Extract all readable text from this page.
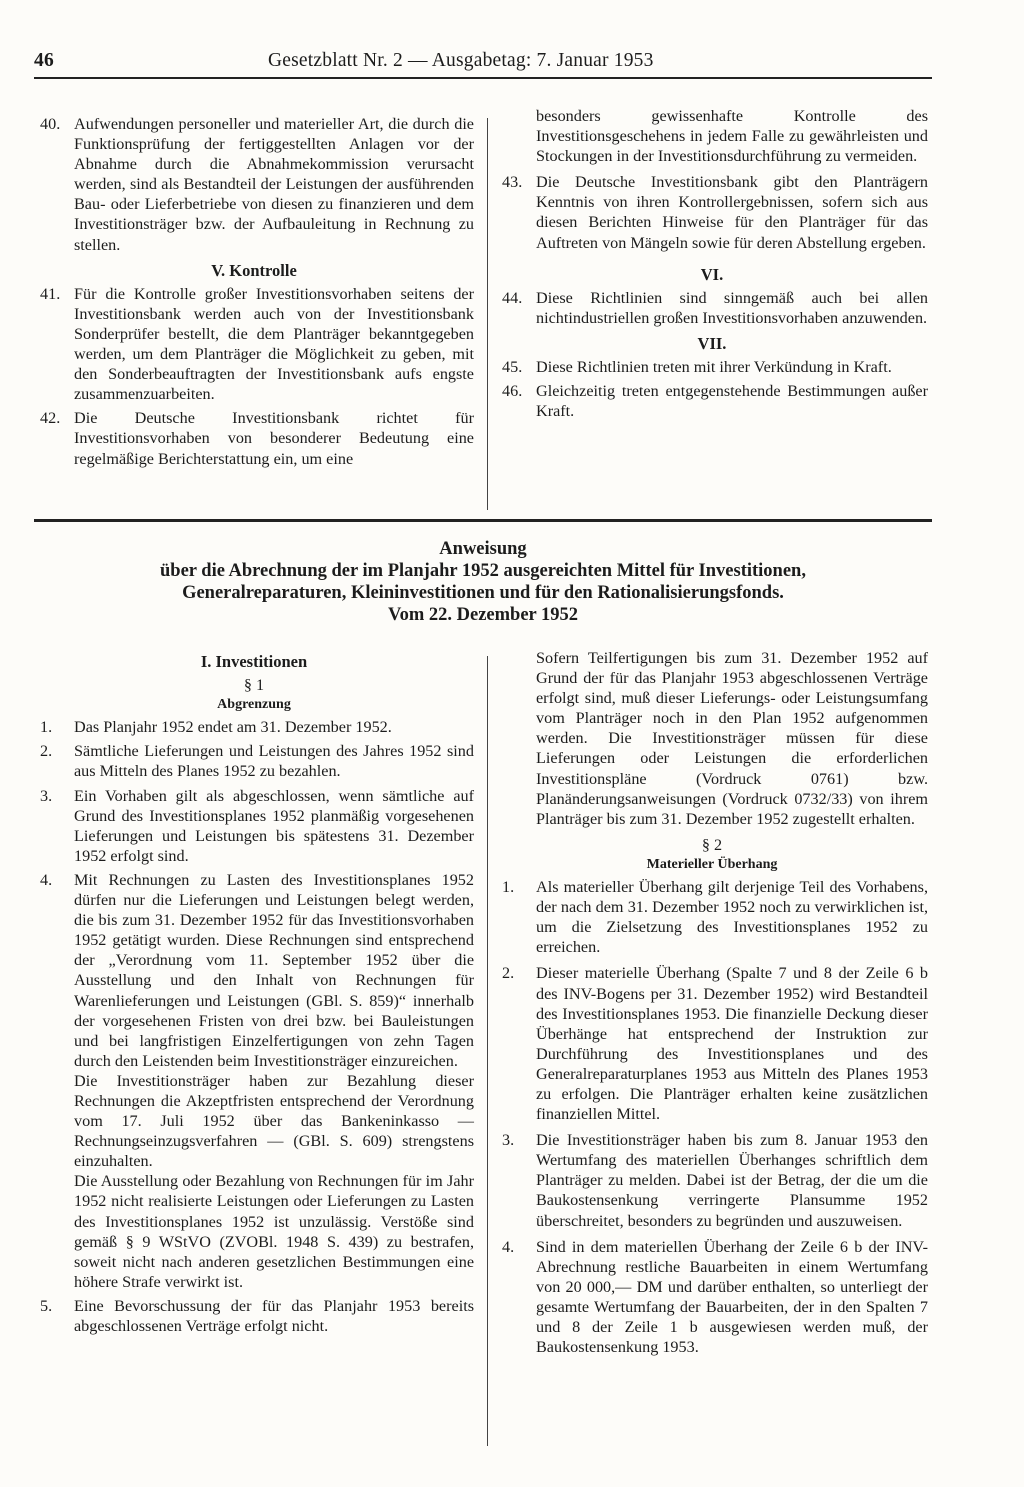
46	Gesetzblatt Nr. 2 — Ausgabetag: 7. Januar 1953
40. Aufwendungen personeller und materieller Art, die durch die Funktionsprüfung der fertiggestellten Anlagen vor der Abnahme durch die Abnahmekommission verursacht werden, sind als Bestandteil der Leistungen der ausführenden Bau- oder Lieferbetriebe von diesen zu finanzieren und dem Investitionsträger bzw. der Aufbauleitung in Rechnung zu stellen.
V. Kontrolle
41. Für die Kontrolle großer Investitionsvorhaben seitens der Investitionsbank werden auch von der Investitionsbank Sonderprüfer bestellt, die dem Planträger bekanntgegeben werden, um dem Planträger die Möglichkeit zu geben, mit den Sonderbeauftragten der Investitionsbank aufs engste zusammenzuarbeiten.
42. Die Deutsche Investitionsbank richtet für Investitionsvorhaben von besonderer Bedeutung eine regelmäßige Berichterstattung ein, um eine

besonders gewissenhafte Kontrolle des Investitionsgeschehens in jedem Falle zu gewährleisten und Stockungen in der Investitionsdurchführung zu vermeiden.

43. Die Deutsche Investitionsbank gibt den Planträgern Kenntnis von ihren Kontrollergebnissen, sofern sich aus diesen Berichten Hinweise für den Planträger für das Auftreten von Mängeln sowie für deren Abstellung ergeben.
VI.
44. Diese Richtlinien sind sinngemäß auch bei allen nichtindustriellen großen Investitionsvorhaben anzuwenden.
VII.
45. Diese Richtlinien treten mit ihrer Verkündung in Kraft.
46. Gleichzeitig treten entgegenstehende Bestimmungen außer Kraft.
Anweisung
über die Abrechnung der im Planjahr 1952 ausgereichten Mittel für Investitionen,
Generalreparaturen, Kleininvestitionen und für den Rationalisierungsfonds.
Vom 22. Dezember 1952
I. Investitionen
§ 1
Abgrenzung
1. Das Planjahr 1952 endet am 31. Dezember 1952.
2. Sämtliche Lieferungen und Leistungen des Jahres 1952 sind aus Mitteln des Planes 1952 zu bezahlen.
3. Ein Vorhaben gilt als abgeschlossen, wenn sämtliche auf Grund des Investitionsplanes 1952 planmäßig vorgesehenen Lieferungen und Leistungen bis spätestens 31. Dezember 1952 erfolgt sind.
4. Mit Rechnungen zu Lasten des Investitionsplanes 1952 dürfen nur die Lieferungen und Leistungen belegt werden, die bis zum 31. Dezember 1952 für das Investitionsvorhaben 1952 getätigt wurden. Diese Rechnungen sind entsprechend der „Verordnung vom 11. September 1952 über die Ausstellung und den Inhalt von Rechnungen für Warenlieferungen und Leistungen (GBl. S. 859)“ innerhalb der vorgesehenen Fristen von drei bzw. bei Bauleistungen und bei langfristigen Einzelfertigungen von zehn Tagen durch den Leistenden beim Investitionsträger einzureichen.

Die Investitionsträger haben zur Bezahlung dieser Rechnungen die Akzeptfristen entsprechend der Verordnung vom 17. Juli 1952 über das Bankeninkasso — Rechnungseinzugsverfahren — (GBl. S. 609) strengstens einzuhalten.

Die Ausstellung oder Bezahlung von Rechnungen für im Jahr 1952 nicht realisierte Leistungen oder Lieferungen zu Lasten des Investitionsplanes 1952 ist unzulässig. Verstöße sind gemäß § 9 WStVO (ZVOBl. 1948 S. 439) zu bestrafen, soweit nicht nach anderen gesetzlichen Bestimmungen eine höhere Strafe verwirkt ist.

5. Eine Bevorschussung der für das Planjahr 1953 bereits abgeschlossenen Verträge erfolgt nicht.

Sofern Teilfertigungen bis zum 31. Dezember 1952 auf Grund der für das Planjahr 1953 abgeschlossenen Verträge erfolgt sind, muß dieser Lieferungs- oder Leistungsumfang vom Planträger noch in den Plan 1952 aufgenommen werden. Die Investitionsträger müssen für diese Lieferungen oder Leistungen die erforderlichen Investitionspläne (Vordruck 0761) bzw. Planänderungsanweisungen (Vordruck 0732/33) von ihrem Planträger bis zum 31. Dezember 1952 zugestellt erhalten.

§ 2
Materieller Überhang
1. Als materieller Überhang gilt derjenige Teil des Vorhabens, der nach dem 31. Dezember 1952 noch zu verwirklichen ist, um die Zielsetzung des Investitionsplanes 1952 zu erreichen.
2. Dieser materielle Überhang (Spalte 7 und 8 der Zeile 6 b des INV-Bogens per 31. Dezember 1952) wird Bestandteil des Investitionsplanes 1953. Die finanzielle Deckung dieser Überhänge hat entsprechend der Instruktion zur Durchführung des Investitionsplanes und des Generalreparaturplanes 1953 aus Mitteln des Planes 1953 zu erfolgen. Die Planträger erhalten keine zusätzlichen finanziellen Mittel.
3. Die Investitionsträger haben bis zum 8. Januar 1953 den Wertumfang des materiellen Überhanges schriftlich dem Planträger zu melden. Dabei ist der Betrag, der die um die Baukostensenkung verringerte Plansumme 1952 überschreitet, besonders zu begründen und auszuweisen.
4. Sind in dem materiellen Überhang der Zeile 6 b der INV-Abrechnung restliche Bauarbeiten in einem Wertumfang von 20 000,— DM und darüber enthalten, so unterliegt der gesamte Wertumfang der Bauarbeiten, der in den Spalten 7 und 8 der Zeile 1 b ausgewiesen werden muß, der Baukostensenkung 1953.
